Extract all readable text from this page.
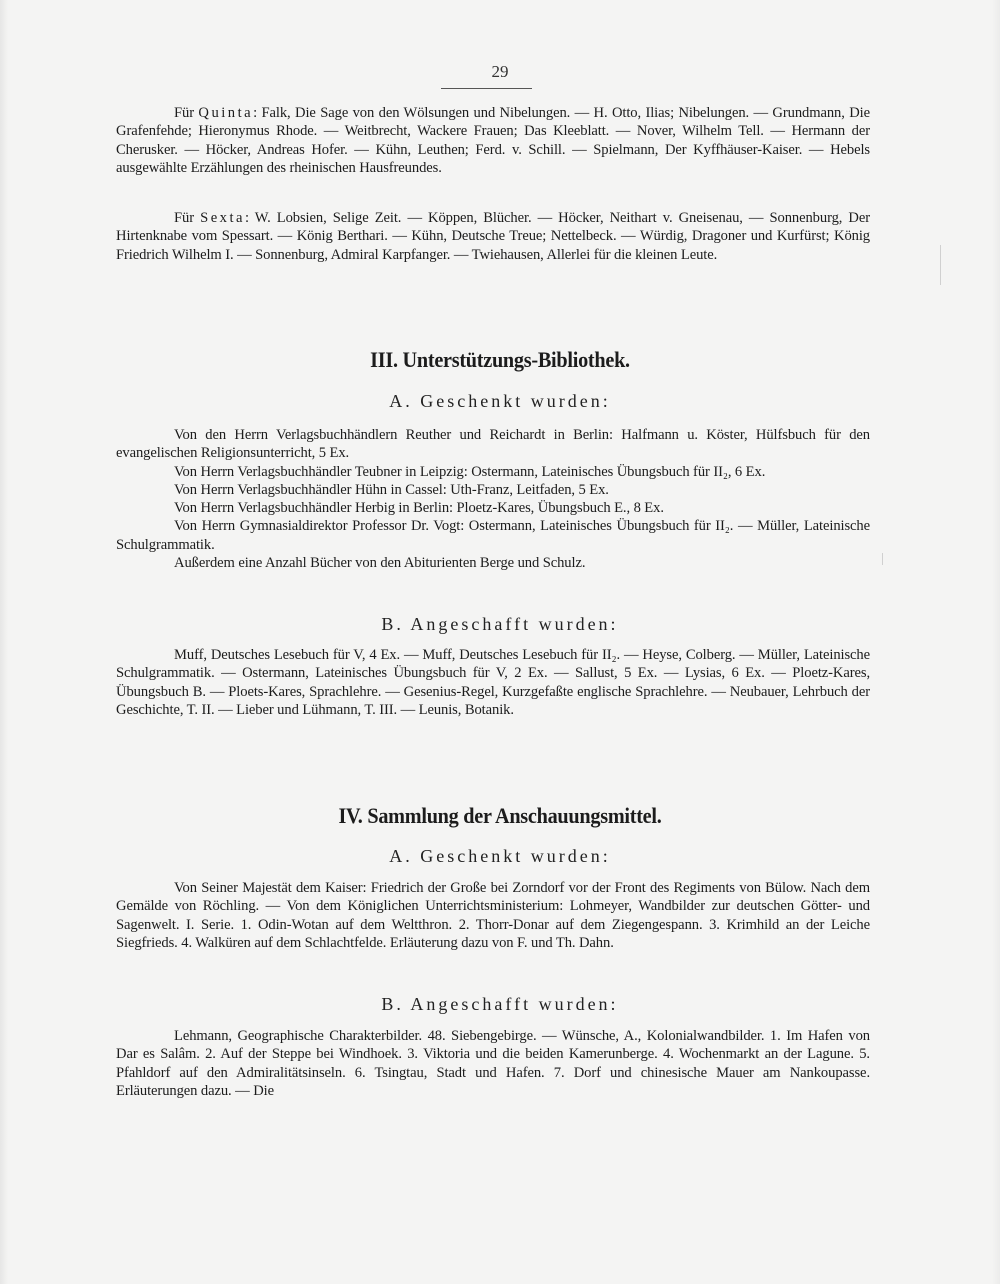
29

Für Quinta: Falk, Die Sage von den Wölsungen und Nibelungen. — H. Otto, Ilias; Nibelungen. — Grundmann, Die Grafenfehde; Hieronymus Rhode. — Weitbrecht, Wackere Frauen; Das Kleeblatt. — Nover, Wilhelm Tell. — Hermann der Cherusker. — Höcker, Andreas Hofer. — Kühn, Leuthen; Ferd. v. Schill. — Spielmann, Der Kyffhäuser-Kaiser. — Hebels ausgewählte Erzählungen des rheinischen Hausfreundes.

Für Sexta: W. Lobsien, Selige Zeit. — Köppen, Blücher. — Höcker, Neithart v. Gneisenau, — Sonnenburg, Der Hirtenknabe vom Spessart. — König Berthari. — Kühn, Deutsche Treue; Nettelbeck. — Würdig, Dragoner und Kurfürst; König Friedrich Wilhelm I. — Sonnenburg, Admiral Karpfanger. — Twiehausen, Allerlei für die kleinen Leute.

III. Unterstützungs-Bibliothek.
A. Geschenkt wurden:

Von den Herrn Verlagsbuchhändlern Reuther und Reichardt in Berlin: Halfmann u. Köster, Hülfsbuch für den evangelischen Religionsunterricht, 5 Ex.

Von Herrn Verlagsbuchhändler Teubner in Leipzig: Ostermann, Lateinisches Übungsbuch für II₂, 6 Ex.

Von Herrn Verlagsbuchhändler Hühn in Cassel: Uth-Franz, Leitfaden, 5 Ex.

Von Herrn Verlagsbuchhändler Herbig in Berlin: Ploetz-Kares, Übungsbuch E., 8 Ex.

Von Herrn Gymnasialdirektor Professor Dr. Vogt: Ostermann, Lateinisches Übungsbuch für II₂. — Müller, Lateinische Schulgrammatik.

Außerdem eine Anzahl Bücher von den Abiturienten Berge und Schulz.

B. Angeschafft wurden:

Muff, Deutsches Lesebuch für V, 4 Ex. — Muff, Deutsches Lesebuch für II₂. — Heyse, Colberg. — Müller, Lateinische Schulgrammatik. — Ostermann, Lateinisches Übungsbuch für V, 2 Ex. — Sallust, 5 Ex. — Lysias, 6 Ex. — Ploetz-Kares, Übungsbuch B. — Ploets-Kares, Sprachlehre. — Gesenius-Regel, Kurzgefaßte englische Sprachlehre. — Neubauer, Lehrbuch der Geschichte, T. II. — Lieber und Lühmann, T. III. — Leunis, Botanik.

IV. Sammlung der Anschauungsmittel.
A. Geschenkt wurden:

Von Seiner Majestät dem Kaiser: Friedrich der Große bei Zorndorf vor der Front des Regiments von Bülow. Nach dem Gemälde von Röchling. — Von dem Königlichen Unterrichtsministerium: Lohmeyer, Wandbilder zur deutschen Götter- und Sagenwelt. I. Serie. 1. Odin-Wotan auf dem Weltthron. 2. Thorr-Donar auf dem Ziegengespann. 3. Krimhild an der Leiche Siegfrieds. 4. Walküren auf dem Schlachtfelde. Erläuterung dazu von F. und Th. Dahn.

B. Angeschafft wurden:

Lehmann, Geographische Charakterbilder. 48. Siebengebirge. — Wünsche, A., Kolonialwandbilder. 1. Im Hafen von Dar es Salâm. 2. Auf der Steppe bei Windhoek. 3. Viktoria und die beiden Kamerunberge. 4. Wochenmarkt an der Lagune. 5. Pfahldorf auf den Admiralitätsinseln. 6. Tsingtau, Stadt und Hafen. 7. Dorf und chinesische Mauer am Nankoupasse. Erläuterungen dazu. — Die
